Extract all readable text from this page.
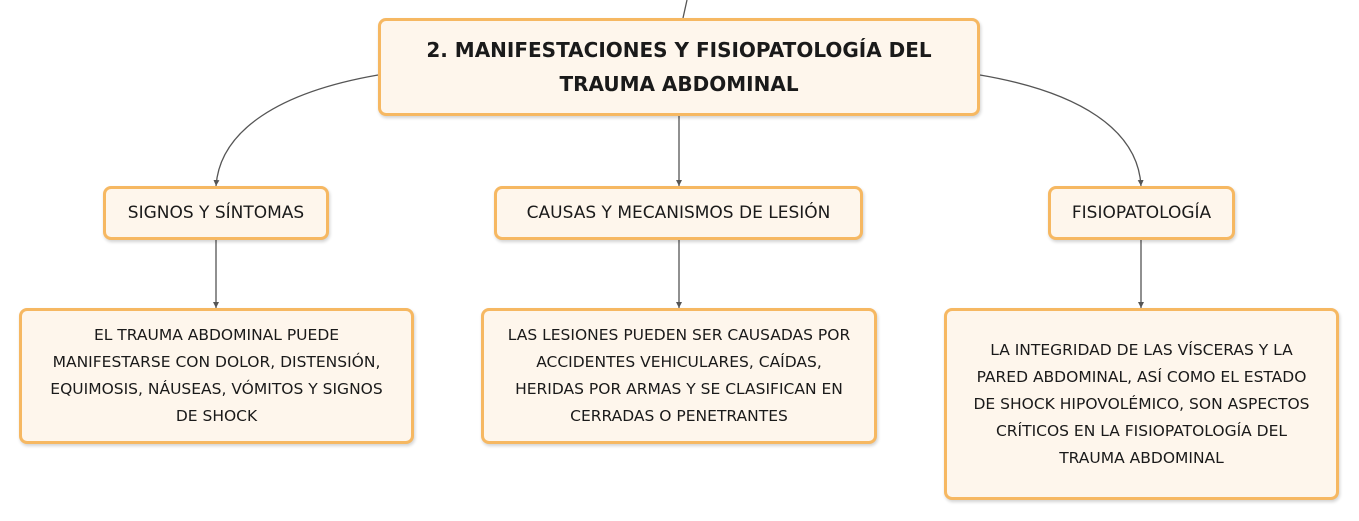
2. MANIFESTACIONES Y FISIOPATOLOGÍA DEL TRAUMA ABDOMINAL
SIGNOS Y SÍNTOMAS	CAUSAS Y MECANISMOS DE LESIÓN	FISIOPATOLOGÍA
EL TRAUMA ABDOMINAL PUEDE MANIFESTARSE CON DOLOR, DISTENSIÓN, EQUIMOSIS, NÁUSEAS, VÓMITOS Y SIGNOS DE SHOCK
LAS LESIONES PUEDEN SER CAUSADAS POR ACCIDENTES VEHICULARES, CAÍDAS, HERIDAS POR ARMAS Y SE CLASIFICAN EN CERRADAS O PENETRANTES
LA INTEGRIDAD DE LAS VÍSCERAS Y LA PARED ABDOMINAL, ASÍ COMO EL ESTADO DE SHOCK HIPOVOLÉMICO, SON ASPECTOS CRÍTICOS EN LA FISIOPATOLOGÍA DEL TRAUMA ABDOMINAL
